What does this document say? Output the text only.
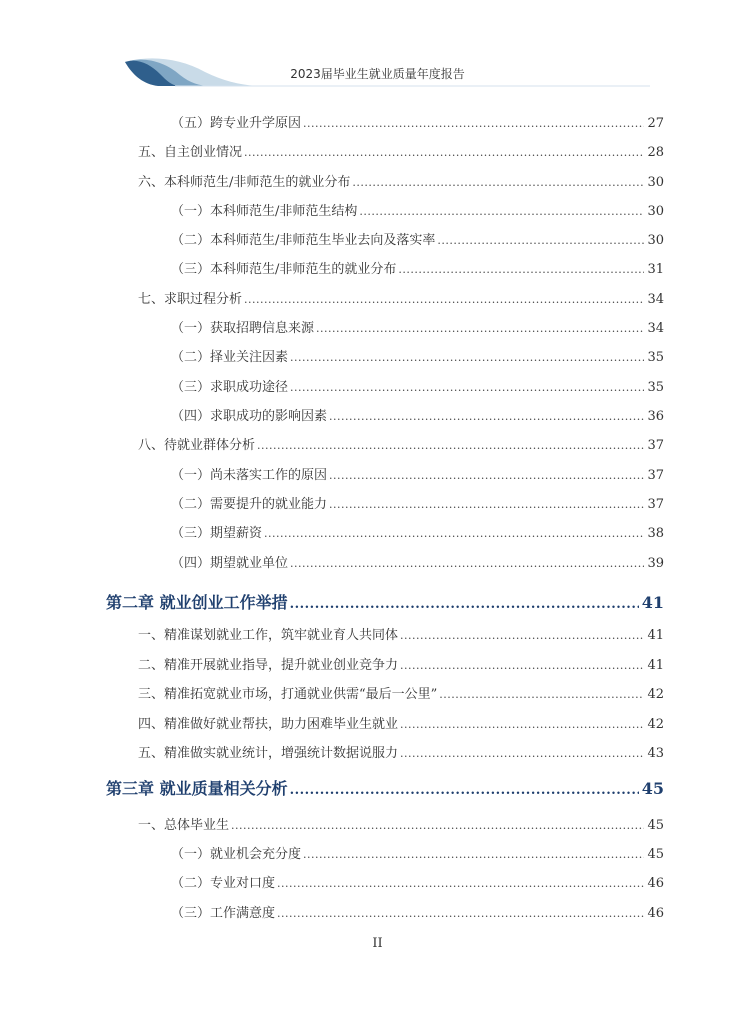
2023届毕业生就业质量年度报告
（五）跨专业升学原因 .....	27
五、自主创业情况 .....	28
六、本科师范生/非师范生的就业分布 .....	30
（一）本科师范生/非师范生结构 .....	30
（二）本科师范生/非师范生毕业去向及落实率 .....	30
（三）本科师范生/非师范生的就业分布 .....	31
七、求职过程分析 .....	34
（一）获取招聘信息来源 .....	34
（二）择业关注因素 .....	35
（三）求职成功途径 .....	35
（四）求职成功的影响因素 .....	36
八、待就业群体分析 .....	37
（一）尚未落实工作的原因 .....	37
（二）需要提升的就业能力 .....	37
（三）期望薪资 .....	38
（四）期望就业单位 .....	39
第二章 就业创业工作举措 .....	41
一、精准谋划就业工作，筑牢就业育人共同体 .....	41
二、精准开展就业指导，提升就业创业竞争力 .....	41
三、精准拓宽就业市场，打通就业供需“最后一公里” .....	42
四、精准做好就业帮扶，助力困难毕业生就业 .....	42
五、精准做实就业统计，增强统计数据说服力 .....	43
第三章 就业质量相关分析 .....	45
一、总体毕业生 .....	45
（一）就业机会充分度 .....	45
（二）专业对口度 .....	46
（三）工作满意度 .....	46
II
